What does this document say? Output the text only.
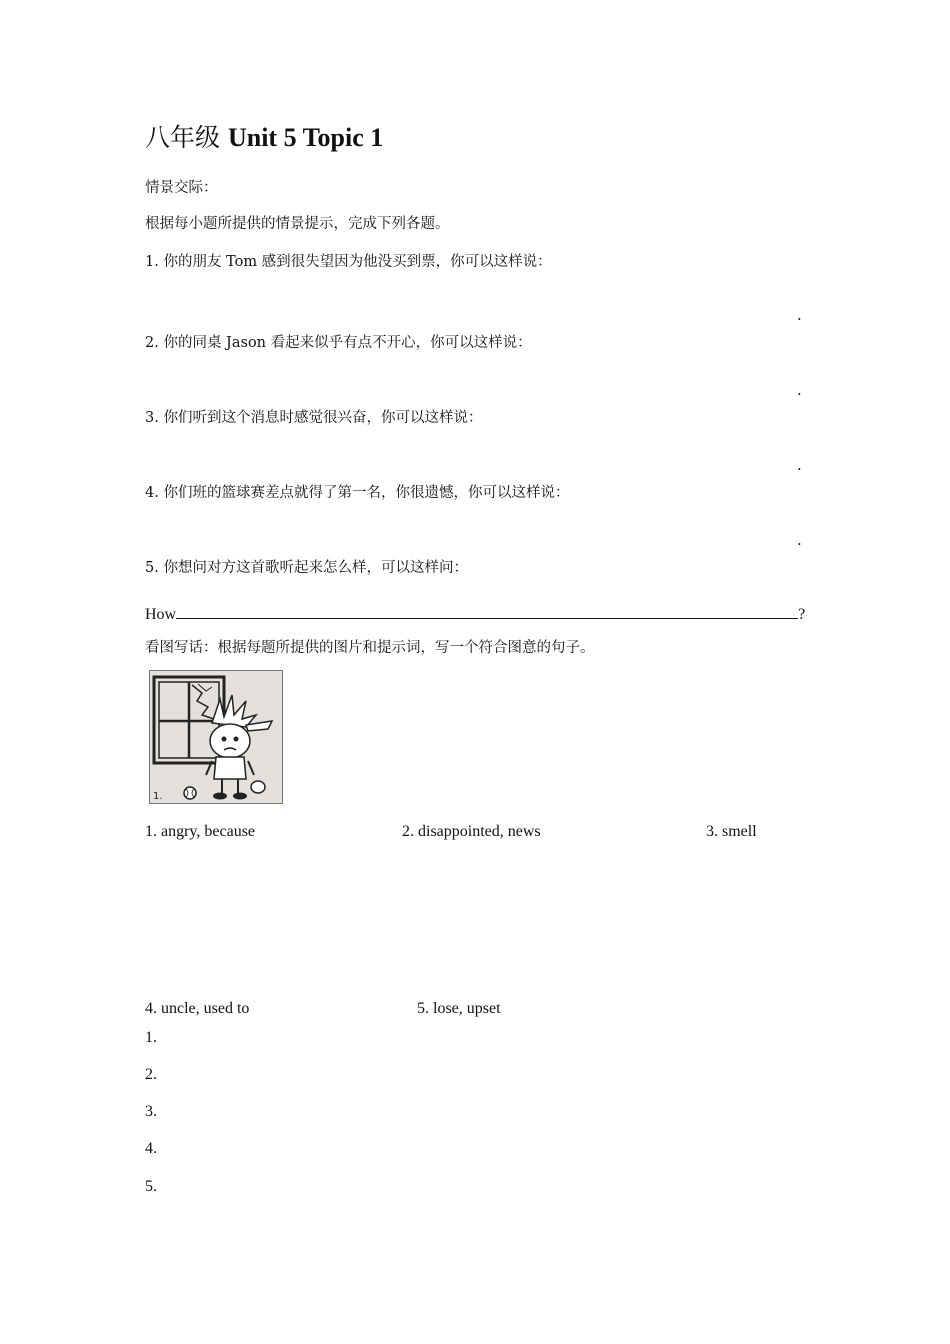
八年级 Unit 5 Topic 1
情景交际：
根据每小题所提供的情景提示，完成下列各题。
1. 你的朋友 Tom 感到很失望因为他没买到票，你可以这样说：
.
2. 你的同桌 Jason 看起来似乎有点不开心，你可以这样说：
.
3. 你们听到这个消息时感觉很兴奋，你可以这样说：
.
4. 你们班的篮球赛差点就得了第一名，你很遗憾，你可以这样说：
.
5. 你想问对方这首歌听起来怎么样，可以这样问：
How	?
看图写话：根据每题所提供的图片和提示词，写一个符合图意的句子。
1.
1. angry, because	2. disappointed, news	3. smell
4. uncle, used to	5. lose, upset
1.
2.
3.
4.
5.
